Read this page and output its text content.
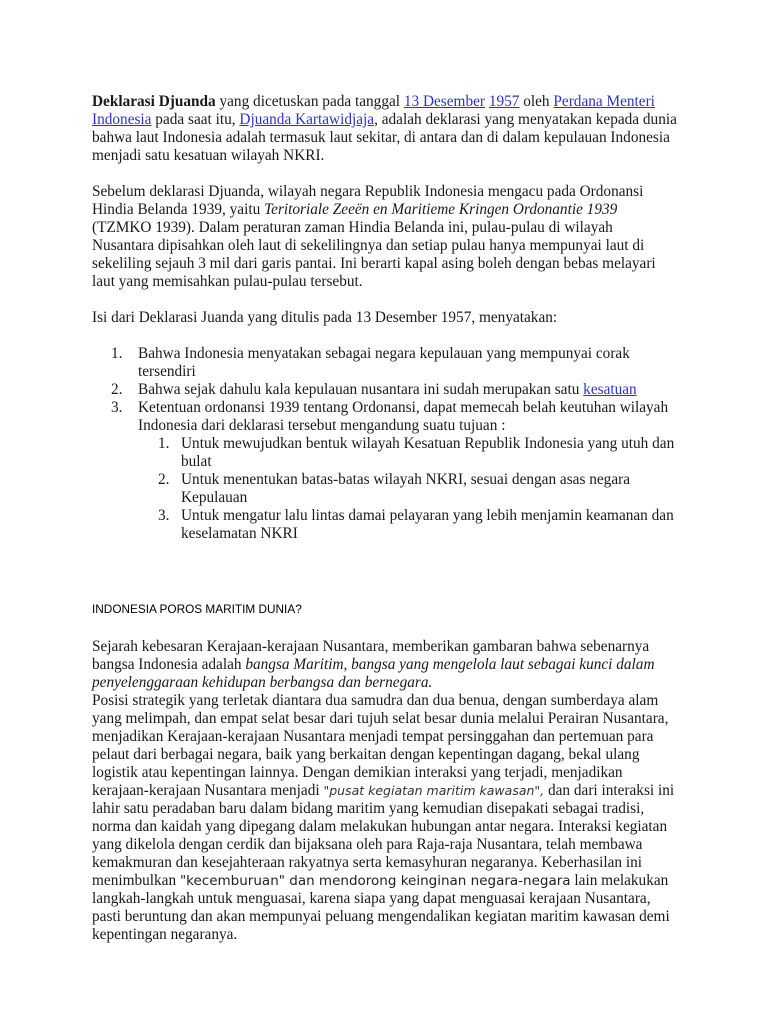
Deklarasi Djuanda yang dicetuskan pada tanggal 13 Desember 1957 oleh Perdana Menteri Indonesia pada saat itu, Djuanda Kartawidjaja, adalah deklarasi yang menyatakan kepada dunia bahwa laut Indonesia adalah termasuk laut sekitar, di antara dan di dalam kepulauan Indonesia menjadi satu kesatuan wilayah NKRI.

Sebelum deklarasi Djuanda, wilayah negara Republik Indonesia mengacu pada Ordonansi Hindia Belanda 1939, yaitu Teritoriale Zeeën en Maritieme Kringen Ordonantie 1939 (TZMKO 1939). Dalam peraturan zaman Hindia Belanda ini, pulau-pulau di wilayah Nusantara dipisahkan oleh laut di sekelilingnya dan setiap pulau hanya mempunyai laut di sekeliling sejauh 3 mil dari garis pantai. Ini berarti kapal asing boleh dengan bebas melayari laut yang memisahkan pulau-pulau tersebut.

Isi dari Deklarasi Juanda yang ditulis pada 13 Desember 1957, menyatakan:

1. Bahwa Indonesia menyatakan sebagai negara kepulauan yang mempunyai corak tersendiri
2. Bahwa sejak dahulu kala kepulauan nusantara ini sudah merupakan satu kesatuan
3. Ketentuan ordonansi 1939 tentang Ordonansi, dapat memecah belah keutuhan wilayah Indonesia dari deklarasi tersebut mengandung suatu tujuan :
1. Untuk mewujudkan bentuk wilayah Kesatuan Republik Indonesia yang utuh dan bulat
2. Untuk menentukan batas-batas wilayah NKRI, sesuai dengan asas negara Kepulauan
3. Untuk mengatur lalu lintas damai pelayaran yang lebih menjamin keamanan dan keselamatan NKRI
INDONESIA POROS MARITIM DUNIA?

Sejarah kebesaran Kerajaan-kerajaan Nusantara, memberikan gambaran bahwa sebenarnya bangsa Indonesia adalah bangsa Maritim, bangsa yang mengelola laut sebagai kunci dalam penyelenggaraan kehidupan berbangsa dan bernegara.

Posisi strategik yang terletak diantara dua samudra dan dua benua, dengan sumberdaya alam yang melimpah, dan empat selat besar dari tujuh selat besar dunia melalui Perairan Nusantara, menjadikan Kerajaan-kerajaan Nusantara menjadi tempat persinggahan dan pertemuan para pelaut dari berbagai negara, baik yang berkaitan dengan kepentingan dagang, bekal ulang logistik atau kepentingan lainnya. Dengan demikian interaksi yang terjadi, menjadikan kerajaan-kerajaan Nusantara menjadi "pusat kegiatan maritim kawasan", dan dari interaksi ini lahir satu peradaban baru dalam bidang maritim yang kemudian disepakati sebagai tradisi, norma dan kaidah yang dipegang dalam melakukan hubungan antar negara. Interaksi kegiatan yang dikelola dengan cerdik dan bijaksana oleh para Raja-raja Nusantara, telah membawa kemakmuran dan kesejahteraan rakyatnya serta kemasyhuran negaranya. Keberhasilan ini menimbulkan "kecemburuan" dan mendorong keinginan negara-negara lain melakukan langkah-langkah untuk menguasai, karena siapa yang dapat menguasai kerajaan Nusantara, pasti beruntung dan akan mempunyai peluang mengendalikan kegiatan maritim kawasan demi kepentingan negaranya.
